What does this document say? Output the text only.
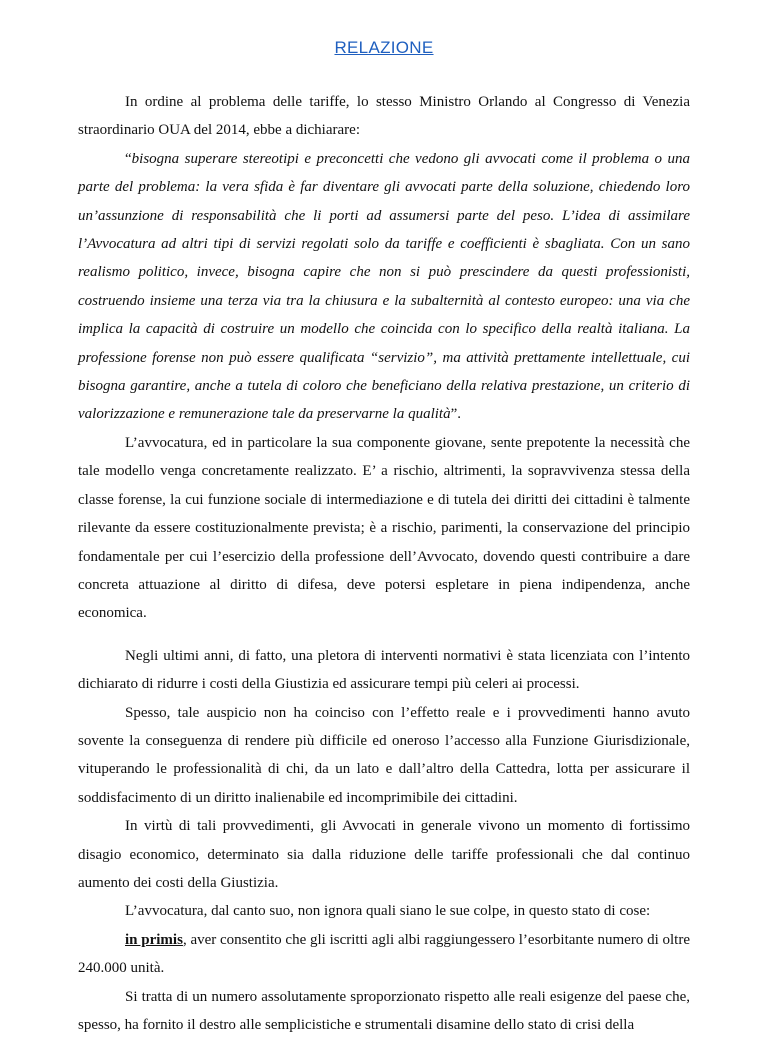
RELAZIONE

In ordine al problema delle tariffe, lo stesso Ministro Orlando al Congresso di Venezia straordinario OUA del 2014, ebbe a dichiarare:

“bisogna superare stereotipi e preconcetti che vedono gli avvocati come il problema o una parte del problema: la vera sfida è far diventare gli avvocati parte della soluzione, chiedendo loro un’assunzione di responsabilità che li porti ad assumersi parte del peso. L’idea di assimilare l’Avvocatura ad altri tipi di servizi regolati solo da tariffe e coefficienti è sbagliata. Con un sano realismo politico, invece, bisogna capire che non si può prescindere da questi professionisti, costruendo insieme una terza via tra la chiusura e la subalternità al contesto europeo: una via che implica la capacità di costruire un modello che coincida con lo specifico della realtà italiana. La professione forense non può essere qualificata “servizio”, ma attività prettamente intellettuale, cui bisogna garantire, anche a tutela di coloro che beneficiano della relativa prestazione, un criterio di valorizzazione e remunerazione tale da preservarne la qualità”.

L’avvocatura, ed in particolare la sua componente giovane, sente prepotente la necessità che tale modello venga concretamente realizzato. E’ a rischio, altrimenti, la sopravvivenza stessa della classe forense, la cui funzione sociale di intermediazione e di tutela dei diritti dei cittadini è talmente rilevante da essere costituzionalmente prevista; è a rischio, parimenti, la conservazione del principio fondamentale per cui l’esercizio della professione dell’Avvocato, dovendo questi contribuire a dare concreta attuazione al diritto di difesa, deve potersi espletare in piena indipendenza, anche economica.

Negli ultimi anni, di fatto, una pletora di interventi normativi è stata licenziata con l’intento dichiarato di ridurre i costi della Giustizia ed assicurare tempi più celeri ai processi.

Spesso, tale auspicio non ha coinciso con l’effetto reale e i provvedimenti hanno avuto sovente la conseguenza di rendere più difficile ed oneroso l’accesso alla Funzione Giurisdizionale, vituperando le professionalità di chi, da un lato e dall’altro della Cattedra, lotta per assicurare il soddisfacimento di un diritto inalienabile ed incomprimibile dei cittadini.

In virtù di tali provvedimenti, gli Avvocati in generale vivono un momento di fortissimo disagio economico, determinato sia dalla riduzione delle tariffe professionali che dal continuo aumento dei costi della Giustizia.

L’avvocatura, dal canto suo, non ignora quali siano le sue colpe, in questo stato di cose:

in primis, aver consentito che gli iscritti agli albi raggiungessero l’esorbitante numero di oltre 240.000 unità.

Si tratta di un numero assolutamente sproporzionato rispetto alle reali esigenze del paese che, spesso, ha fornito il destro alle semplicistiche e strumentali disamine dello stato di crisi della
